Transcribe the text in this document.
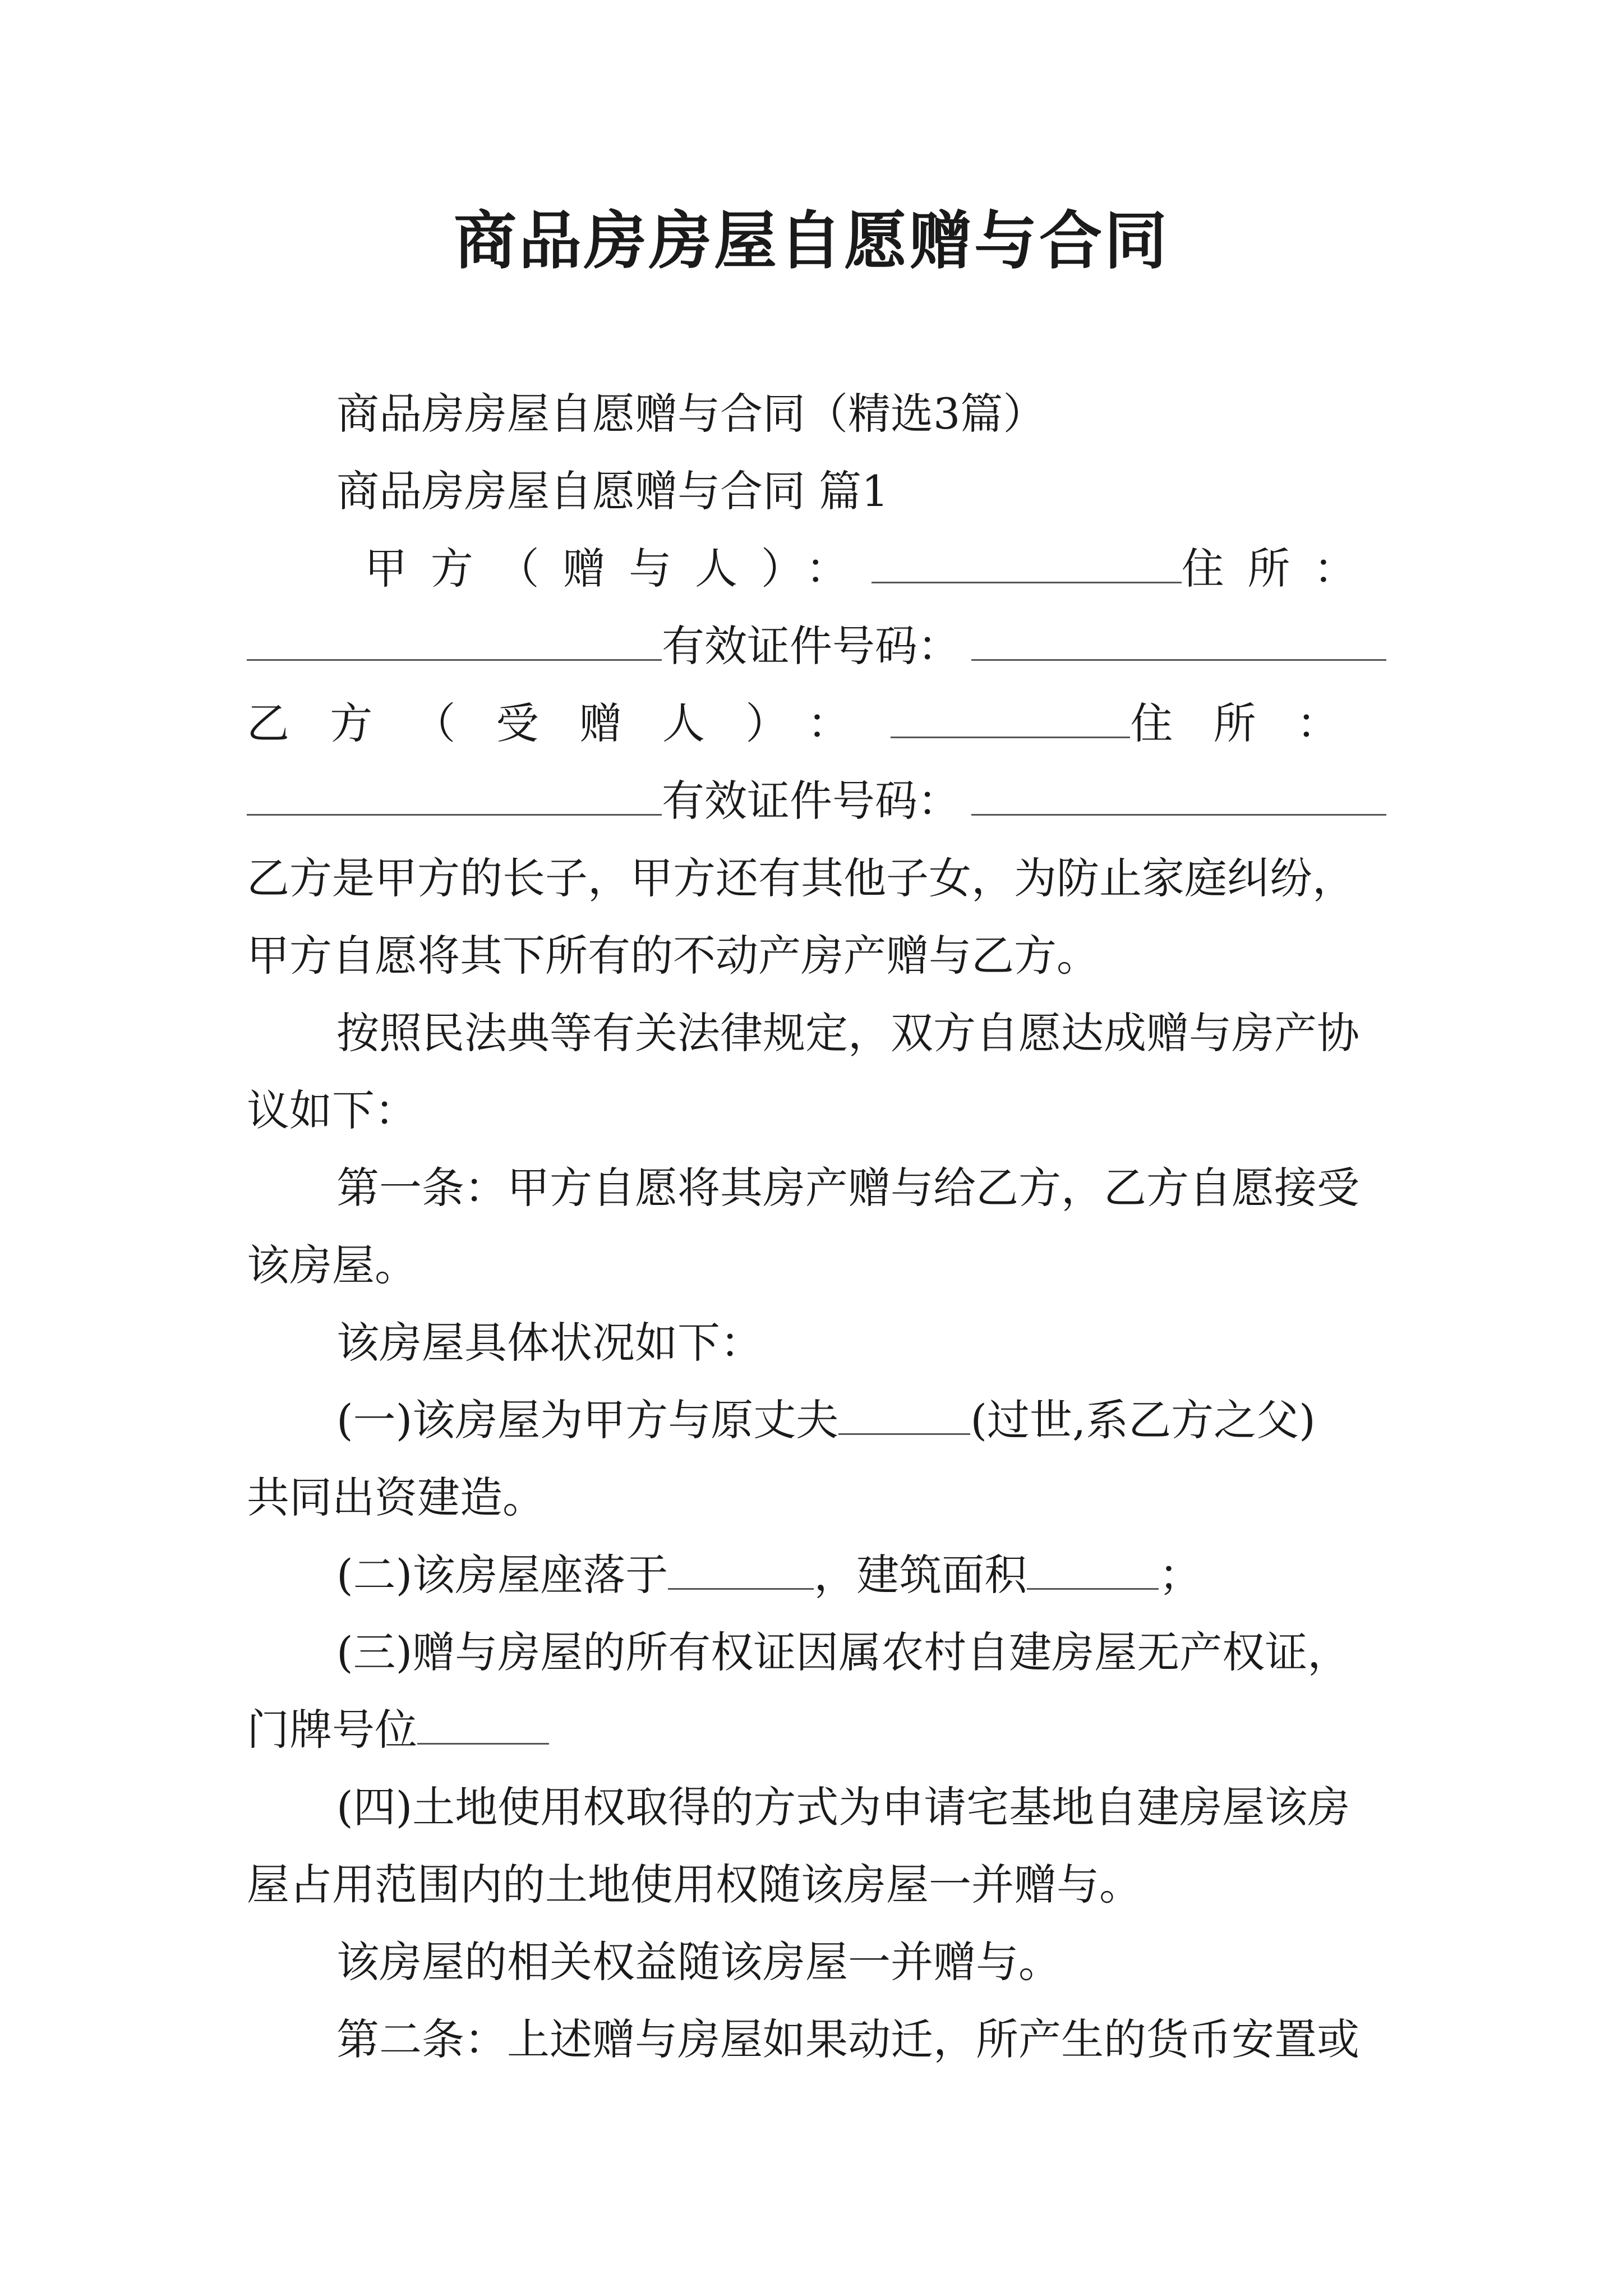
商品房房屋自愿赠与合同
商品房房屋自愿赠与合同（精选3篇）
商品房房屋自愿赠与合同 篇1
甲方（赠与人）：	住所：
有效证件号码：
乙方（受赠人）：	住所：
有效证件号码：
乙方是甲方的长子，甲方还有其他子女，为防止家庭纠纷，
甲方自愿将其下所有的不动产房产赠与乙方。
按照民法典等有关法律规定，双方自愿达成赠与房产协
议如下：
第一条：甲方自愿将其房产赠与给乙方，乙方自愿接受
该房屋。
该房屋具体状况如下：
(一)该房屋为甲方与原丈夫	(过世,系乙方之父)
共同出资建造。
(二)该房屋座落于	，建筑面积	；
(三)赠与房屋的所有权证因属农村自建房屋无产权证，
门牌号位
(四)土地使用权取得的方式为申请宅基地自建房屋该房
屋占用范围内的土地使用权随该房屋一并赠与。
该房屋的相关权益随该房屋一并赠与。
第二条：上述赠与房屋如果动迁，所产生的货币安置或
